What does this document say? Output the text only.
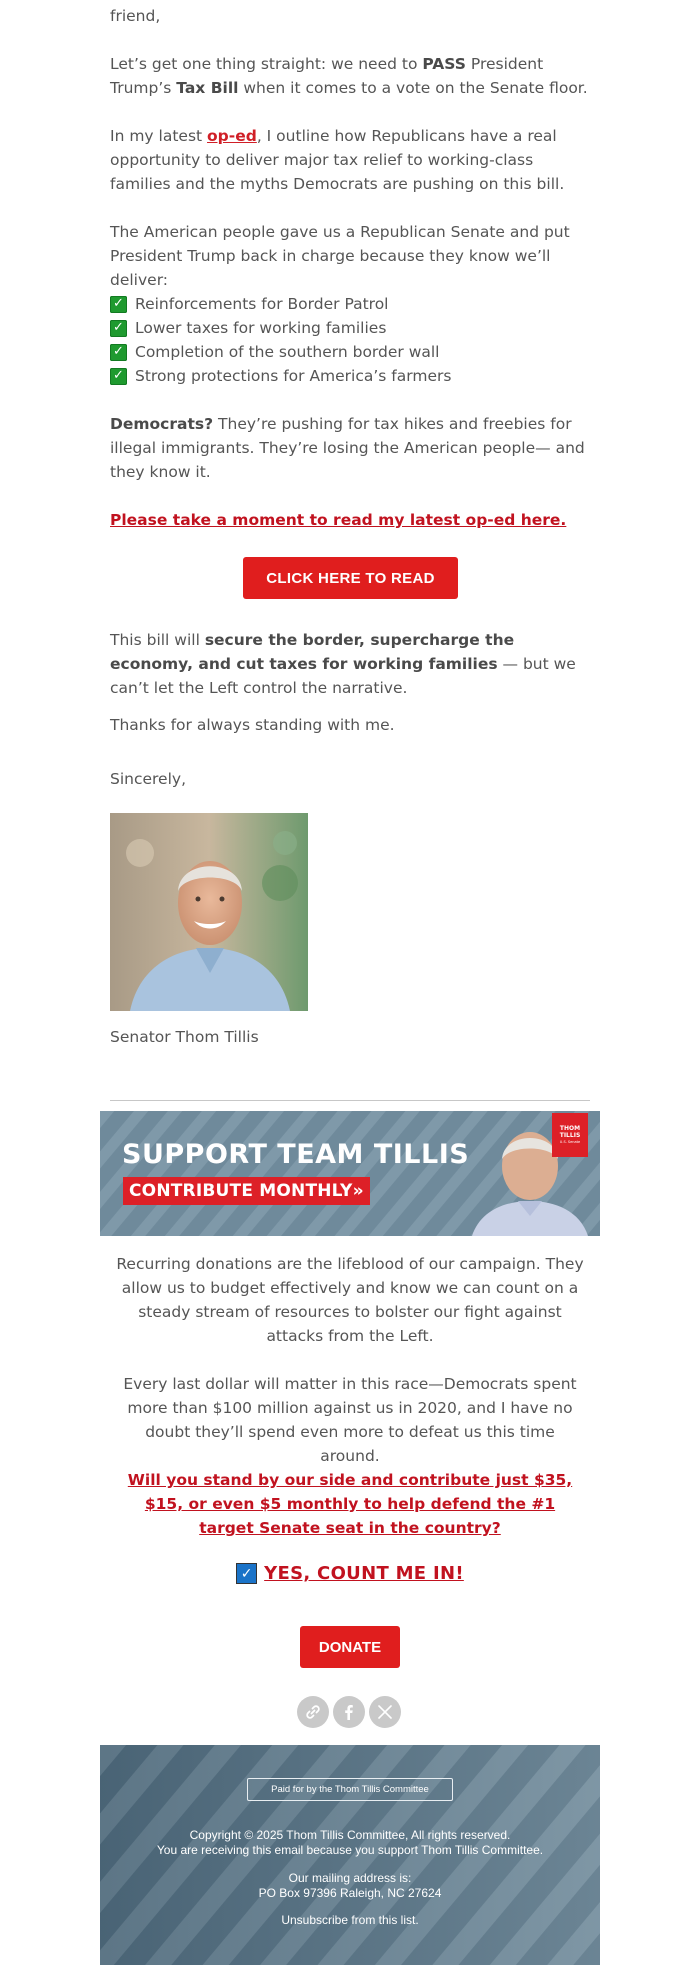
friend,

Let’s get one thing straight: we need to PASS President Trump’s Tax Bill when it comes to a vote on the Senate floor.

In my latest op-ed, I outline how Republicans have a real opportunity to deliver major tax relief to working-class families and the myths Democrats are pushing on this bill.

The American people gave us a Republican Senate and put President Trump back in charge because they know we’ll deliver:

✓ Reinforcements for Border Patrol
✓ Lower taxes for working families
✓ Completion of the southern border wall
✓ Strong protections for America’s farmers

Democrats? They’re pushing for tax hikes and freebies for illegal immigrants. They’re losing the American people— and they know it.

Please take a moment to read my latest op-ed here.

CLICK HERE TO READ

This bill will secure the border, supercharge the economy, and cut taxes for working families — but we can’t let the Left control the narrative.

Thanks for always standing with me.

Sincerely,

Senator Thom Tillis

SUPPORT TEAM TILLIS
CONTRIBUTE MONTHLY»
THOM
TILLIS
U.S. Senate

Recurring donations are the lifeblood of our campaign. They allow us to budget effectively and know we can count on a steady stream of resources to bolster our fight against attacks from the Left.

Every last dollar will matter in this race—Democrats spent more than $100 million against us in 2020, and I have no doubt they’ll spend even more to defeat us this time around.

Will you stand by our side and contribute just $35, $15, or even $5 monthly to help defend the #1 target Senate seat in the country?

✓ YES, COUNT ME IN!
DONATE
Paid for by the Thom Tillis Committee
Copyright © 2025 Thom Tillis Committee, All rights reserved.
You are receiving this email because you support Thom Tillis Committee.
Our mailing address is:
PO Box 97396 Raleigh, NC 27624
Unsubscribe from this list.
